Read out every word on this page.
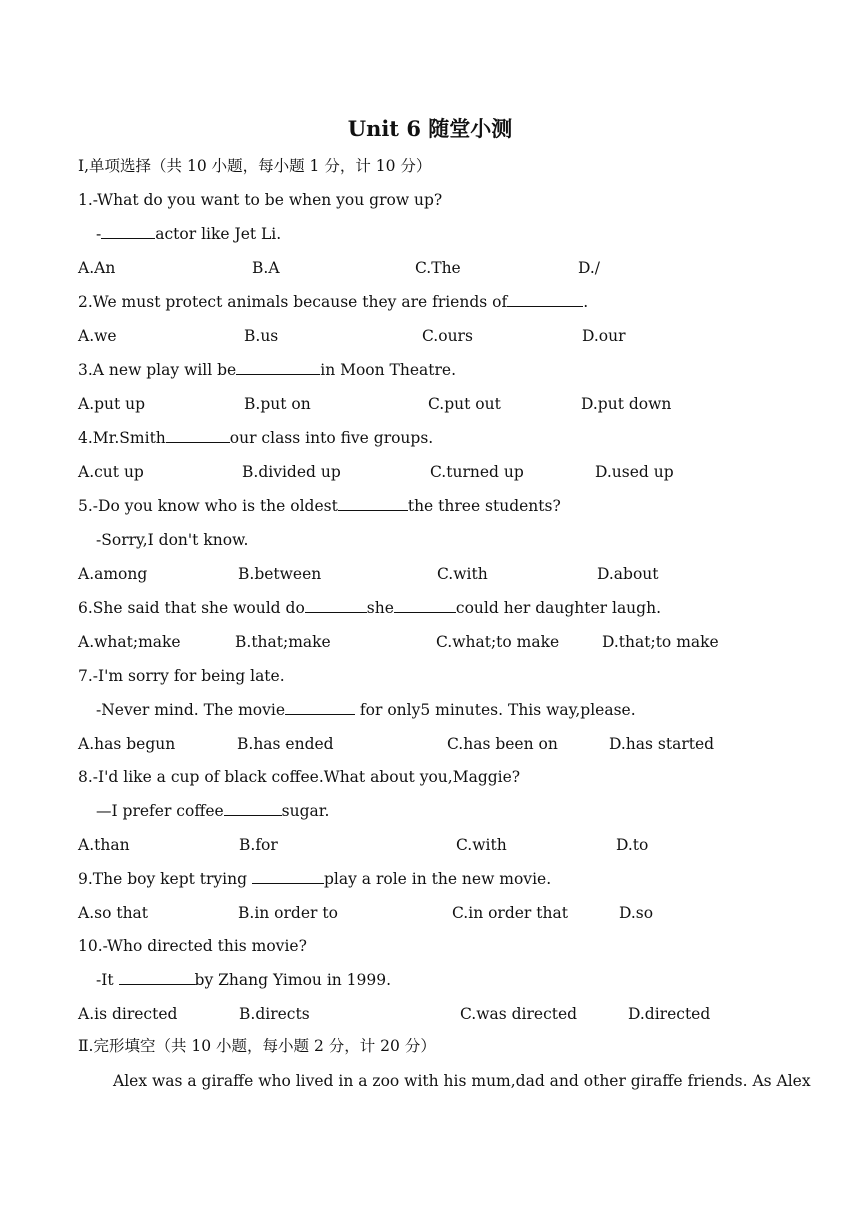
Unit 6 随堂小测
Ⅰ,单项选择（共 10 小题，每小题 1 分，计 10 分）
1.-What do you want to be when you grow up?
-	actor like Jet Li.
A.An	B.A	C.The	D./
2.We must protect animals because they are friends of	.
A.we	B.us	C.ours	D.our
3.A new play will be	in Moon Theatre.
A.put up	B.put on	C.put out	D.put down
4.Mr.Smith	our class into five groups.
A.cut up	B.divided up	C.turned up	D.used up
5.-Do you know who is the oldest	the three students?
-Sorry,I don't know.
A.among	B.between	C.with	D.about
6.She said that she would do	she	could her daughter laugh.
A.what;make	B.that;make	C.what;to make	D.that;to make
7.-I'm sorry for being late.
-Never mind. The movie	for only5 minutes. This way,please.
A.has begun	B.has ended	C.has been on	D.has started
8.-I'd like a cup of black coffee.What about you,Maggie?
—I prefer coffee	sugar.
A.than	B.for	C.with	D.to
9.The boy kept trying	play a role in the new movie.
A.so that	B.in order to	C.in order that	D.so
10.-Who directed this movie?
-It	by Zhang Yimou in 1999.
A.is directed	B.directs	C.was directed	D.directed
Ⅱ.完形填空（共 10 小题，每小题 2 分，计 20 分）
Alex was a giraffe who lived in a zoo with his mum,dad and other giraffe friends. As Alex
